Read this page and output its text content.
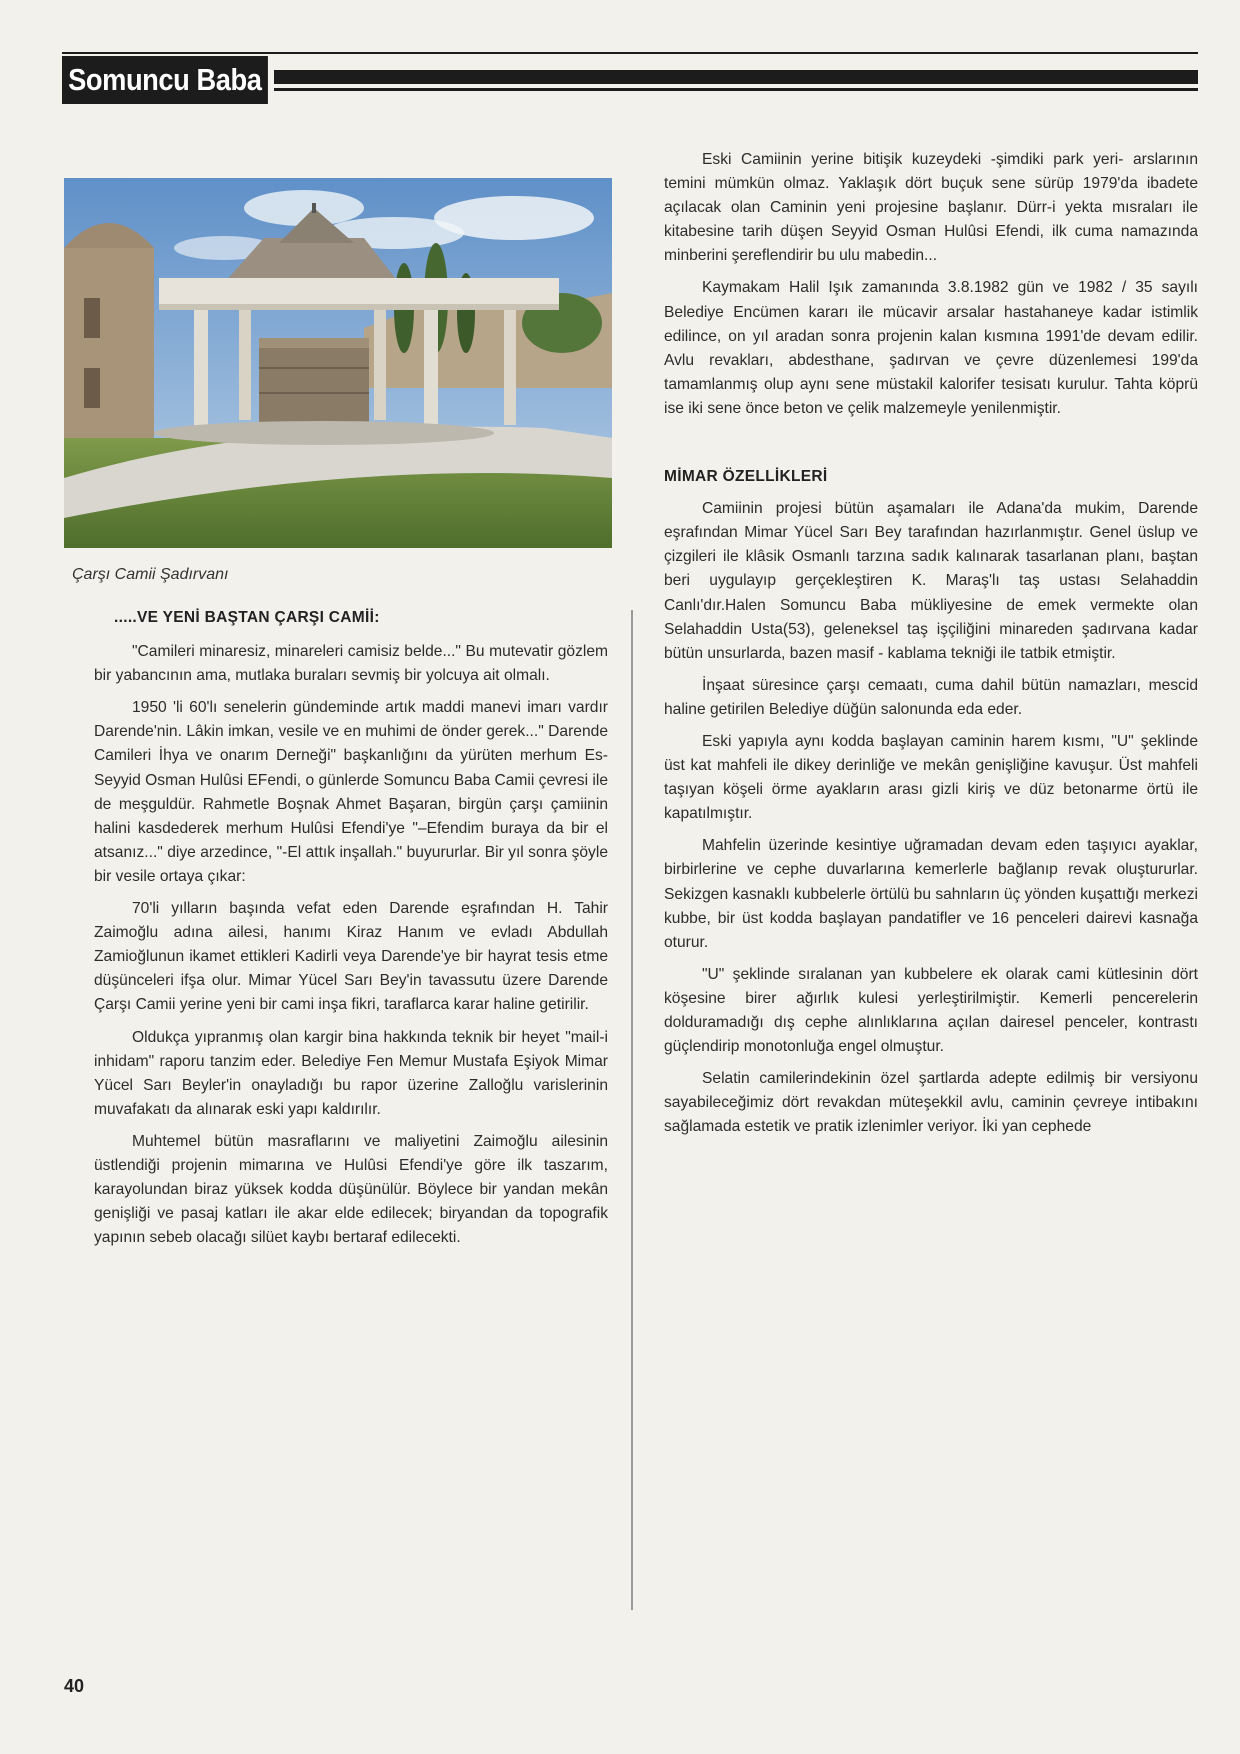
Somuncu Baba
Çarşı Camii Şadırvanı
.....VE YENİ BAŞTAN ÇARŞI CAMİİ:

"Camileri minaresiz, minareleri camisiz belde..." Bu mutevatir gözlem bir yabancının ama, mutlaka buraları sevmiş bir yolcuya ait olmalı.

1950 'li 60'lı senelerin gündeminde artık maddi manevi imarı vardır Darende'nin. Lâkin imkan, vesile ve en muhimi de önder gerek..." Darende Camileri İhya ve onarım Derneği" başkanlığını da yürüten merhum Es-Seyyid Osman Hulûsi EFendi, o günlerde Somuncu Baba Camii çevresi ile de meşguldür. Rahmetle Boşnak Ahmet Başaran, birgün çarşı çamiinin halini kasdederek merhum Hulûsi Efendi'ye "–Efendim buraya da bir el atsanız..." diye arzedince, "-El attık inşallah." buyururlar. Bir yıl sonra şöyle bir vesile ortaya çıkar:

70'li yılların başında vefat eden Darende eşrafından H. Tahir Zaimoğlu adına ailesi, hanımı Kiraz Hanım ve evladı Abdullah Zamioğlunun ikamet ettikleri Kadirli veya Darende'ye bir hayrat tesis etme düşünceleri ifşa olur. Mimar Yücel Sarı Bey'in tavassutu üzere Darende Çarşı Camii yerine yeni bir cami inşa fikri, taraflarca karar haline getirilir.

Oldukça yıpranmış olan kargir bina hakkında teknik bir heyet "mail-i inhidam" raporu tanzim eder. Belediye Fen Memur Mustafa Eşiyok Mimar Yücel Sarı Beyler'in onayladığı bu rapor üzerine Zalloğlu varislerinin muvafakatı da alınarak eski yapı kaldırılır.

Muhtemel bütün masraflarını ve maliyetini Zaimoğlu ailesinin üstlendiği projenin mimarına ve Hulûsi Efendi'ye göre ilk taszarım, karayolundan biraz yüksek kodda düşünülür. Böylece bir yandan mekân genişliği ve pasaj katları ile akar elde edilecek; biryandan da topografik yapının sebeb olacağı silüet kaybı bertaraf edilecekti.

Eski Camiinin yerine bitişik kuzeydeki -şimdiki park yeri- arslarının temini mümkün olmaz. Yaklaşık dört buçuk sene sürüp 1979'da ibadete açılacak olan Caminin yeni projesine başlanır. Dürr-i yekta mısraları ile kitabesine tarih düşen Seyyid Osman Hulûsi Efendi, ilk cuma namazında minberini şereflendirir bu ulu mabedin...

Kaymakam Halil Işık zamanında 3.8.1982 gün ve 1982 / 35 sayılı Belediye Encümen kararı ile mücavir arsalar hastahaneye kadar istimlik edilince, on yıl aradan sonra projenin kalan kısmına 1991'de devam edilir. Avlu revakları, abdesthane, şadırvan ve çevre düzenlemesi 199'da tamamlanmış olup aynı sene müstakil kalorifer tesisatı kurulur. Tahta köprü ise iki sene önce beton ve çelik malzemeyle yenilenmiştir.

MİMAR ÖZELLİKLERİ

Camiinin projesi bütün aşamaları ile Adana'da mukim, Darende eşrafından Mimar Yücel Sarı Bey tarafından hazırlanmıştır. Genel üslup ve çizgileri ile klâsik Osmanlı tarzına sadık kalınarak tasarlanan planı, baştan beri uygulayıp gerçekleştiren K. Maraş'lı taş ustası Selahaddin Canlı'dır.Halen Somuncu Baba mükliyesine de emek vermekte olan Selahaddin Usta(53), geleneksel taş işçiliğini minareden şadırvana kadar bütün unsurlarda, bazen masif - kablama tekniği ile tatbik etmiştir.

İnşaat süresince çarşı cemaatı, cuma dahil bütün namazları, mescid haline getirilen Belediye düğün salonunda eda eder.

Eski yapıyla aynı kodda başlayan caminin harem kısmı, "U" şeklinde üst kat mahfeli ile dikey derinliğe ve mekân genişliğine kavuşur. Üst mahfeli taşıyan köşeli örme ayakların arası gizli kiriş ve düz betonarme örtü ile kapatılmıştır.

Mahfelin üzerinde kesintiye uğramadan devam eden taşıyıcı ayaklar, birbirlerine ve cephe duvarlarına kemerlerle bağlanıp revak oluştururlar. Sekizgen kasnaklı kubbelerle örtülü bu sahnların üç yönden kuşattığı merkezi kubbe, bir üst kodda başlayan pandatifler ve 16 penceleri dairevi kasnağa oturur.

"U" şeklinde sıralanan yan kubbelere ek olarak cami kütlesinin dört köşesine birer ağırlık kulesi yerleştirilmiştir. Kemerli pencerelerin dolduramadığı dış cephe alınlıklarına açılan dairesel penceler, kontrastı güçlendirip monotonluğa engel olmuştur.

Selatin camilerindekinin özel şartlarda adepte edilmiş bir versiyonu sayabileceğimiz dört revakdan müteşekkil avlu, caminin çevreye intibakını sağlamada estetik ve pratik izlenimler veriyor. İki yan cephede

40
